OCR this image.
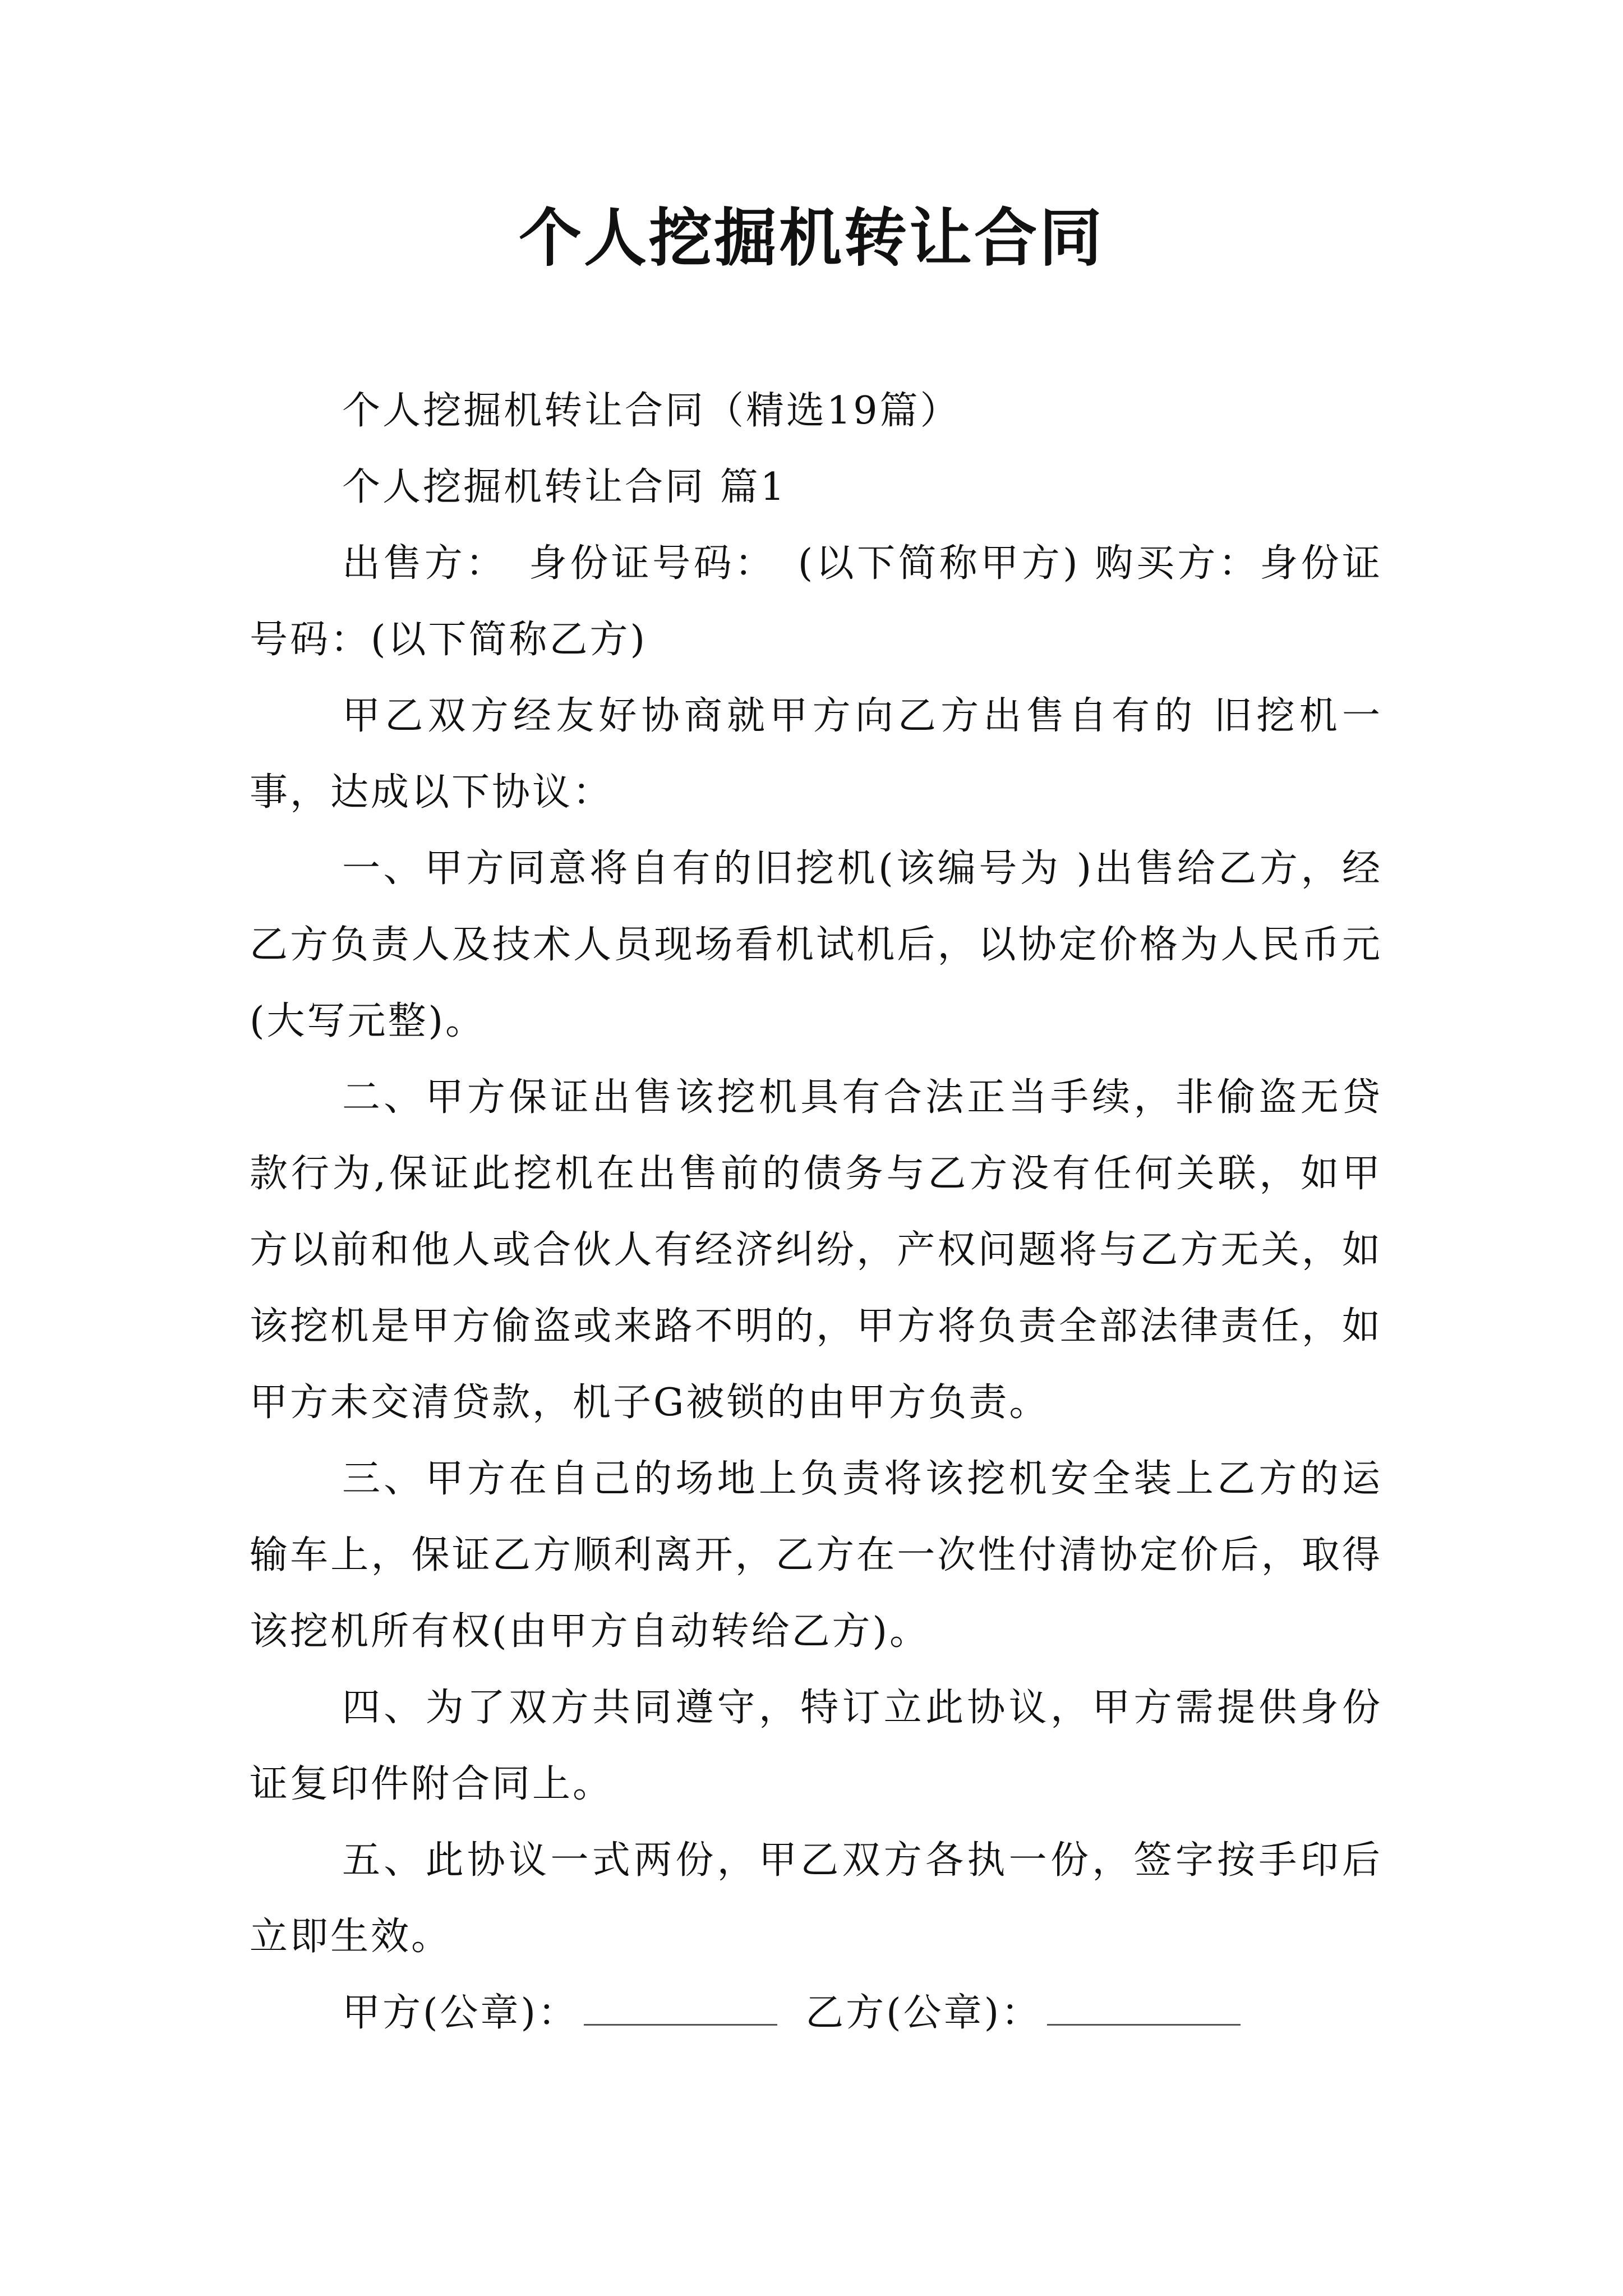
个人挖掘机转让合同

个人挖掘机转让合同（精选19篇）

个人挖掘机转让合同 篇1

出售方：　身份证号码：　(以下简称甲方) 购买方：身份证号码：(以下简称乙方)

甲乙双方经友好协商就甲方向乙方出售自有的 旧挖机一事，达成以下协议：

一、甲方同意将自有的旧挖机(该编号为 )出售给乙方，经乙方负责人及技术人员现场看机试机后，以协定价格为人民币元(大写元整)。

二、甲方保证出售该挖机具有合法正当手续，非偷盗无贷款行为,保证此挖机在出售前的债务与乙方没有任何关联，如甲方以前和他人或合伙人有经济纠纷，产权问题将与乙方无关，如该挖机是甲方偷盗或来路不明的，甲方将负责全部法律责任，如甲方未交清贷款，机子G被锁的由甲方负责。

三、甲方在自己的场地上负责将该挖机安全装上乙方的运输车上，保证乙方顺利离开，乙方在一次性付清协定价后，取得该挖机所有权(由甲方自动转给乙方)。

四、为了双方共同遵守，特订立此协议，甲方需提供身份证复印件附合同上。

五、此协议一式两份，甲乙双方各执一份，签字按手印后立即生效。

甲方(公章)：	乙方(公章)：
